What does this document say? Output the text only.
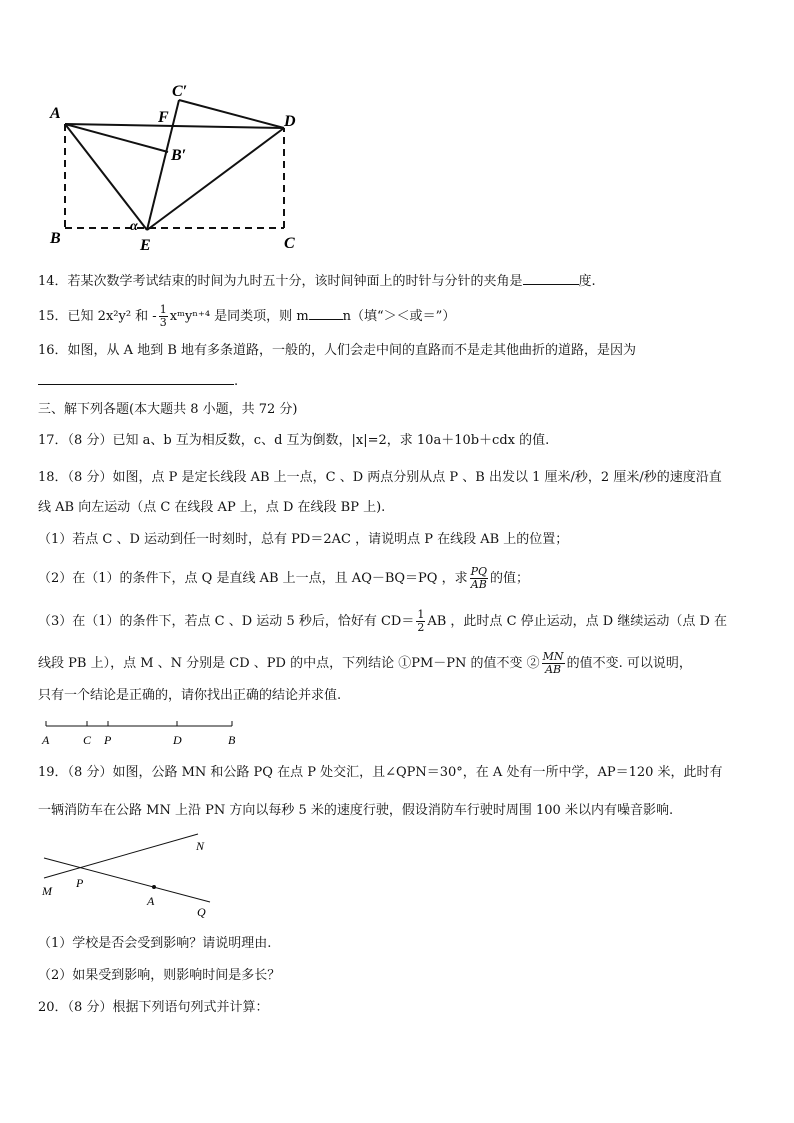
A	F
C′
D
B′
α
B	E	C
14．若某次数学考试结束的时间为九时五十分，该时间钟面上的时针与分针的夹角是	度.
15．已知 2x²y² 和 - $\frac{1}{3}$ xᵐyⁿ⁺⁴ 是同类项，则 m	n（填“＞＜或＝”）
16．如图，从 A 地到 B 地有多条道路，一般的，人们会走中间的直路而不是走其他曲折的道路，是因为
.
三、解下列各题(本大题共 8 小题，共 72 分)
17．（8 分）已知 a、b 互为相反数，c、d 互为倒数，|x|=2，求 10a＋10b＋cdx 的值.
18．（8 分）如图，点 P 是定长线段 AB 上一点，C 、D 两点分别从点 P 、B 出发以 1 厘米/秒，2 厘米/秒的速度沿直
线 AB 向左运动（点 C 在线段 AP 上，点 D 在线段 BP 上).
（1）若点 C 、D 运动到任一时刻时，总有 PD＝2AC ，请说明点 P 在线段 AB 上的位置；
（2）在（1）的条件下，点 Q 是直线 AB 上一点，且 AQ－BQ＝PQ ，求 $\frac{PQ}{AB}$ 的值；
（3）在（1）的条件下，若点 C 、D 运动 5 秒后，恰好有 $CD= \frac{1}{2}$ AB ，此时点 C 停止运动，点 D 继续运动（点 D 在
线段 PB 上），点 M 、N 分别是 CD 、PD 的中点，下列结论 ①PM－PN 的值不变 ② $\frac{MN}{AB}$ 的值不变. 可以说明，
只有一个结论是正确的，请你找出正确的结论并求值.
A	C P	D	B
19．（8 分）如图，公路 MN 和公路 PQ 在点 P 处交汇，且∠QPN＝30°，在 A 处有一所中学，AP＝120 米，此时有
一辆消防车在公路 MN 上沿 PN 方向以每秒 5 米的速度行驶，假设消防车行驶时周围 100 米以内有噪音影响.
N
M
P
A
Q
（1）学校是否会受到影响？请说明理由.
（2）如果受到影响，则影响时间是多长？
20．（8 分）根据下列语句列式并计算：
